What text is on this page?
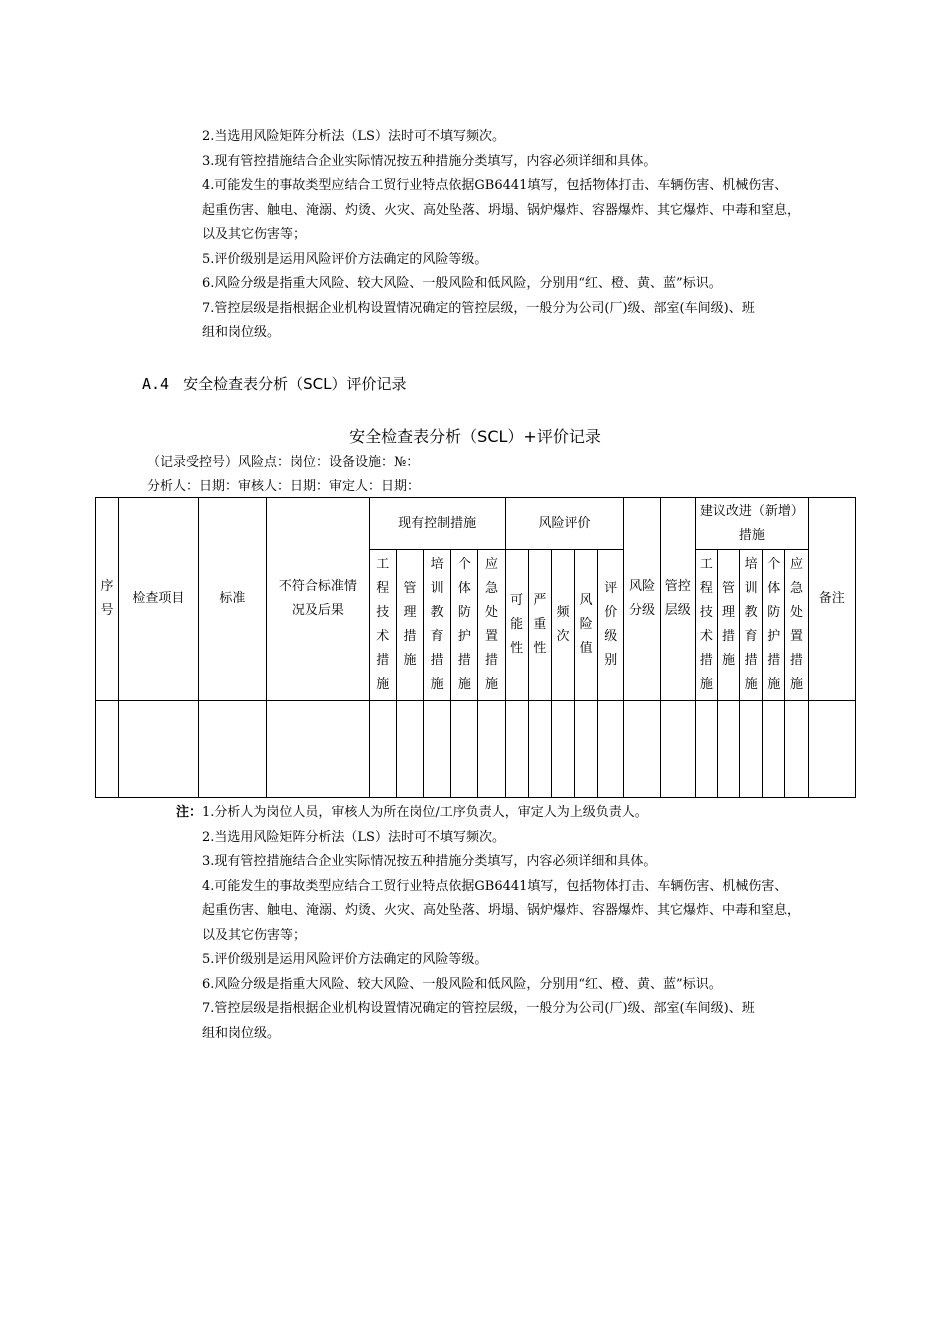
2.当选用风险矩阵分析法（LS）法时可不填写频次。

3.现有管控措施结合企业实际情况按五种措施分类填写，内容必须详细和具体。

4.可能发生的事故类型应结合工贸行业特点依据GB6441填写，包括物体打击、车辆伤害、机械伤害、

起重伤害、触电、淹溺、灼烫、火灾、高处坠落、坍塌、锅炉爆炸、容器爆炸、其它爆炸、中毒和窒息，

以及其它伤害等；

5.评价级别是运用风险评价方法确定的风险等级。

6.风险分级是指重大风险、较大风险、一般风险和低风险，分别用“红、橙、黄、蓝”标识。

7.管控层级是指根据企业机构设置情况确定的管控层级，一般分为公司(厂)级、部室(车间级)、班

组和岗位级。

A.4 安全检查表分析（SCL）评价记录
安全检查表分析（SCL）+评价记录
（记录受控号）风险点：岗位：设备设施：№：
分析人：日期：审核人：日期：审定人：日期：
序号	检查项目	标准	不符合标准情况及后果	现有控制措施					风险评价					风险分级	管控层级	建议改进（新增）措施					备注
				工程技术措施	管理措施	培训教育措施	个体防护措施	应急处置措施	可能性	严重性	频次	风险值	评价级别			工程技术措施	管理措施	培训教育措施	个体防护措施	应急处置措施	

注： 1.分析人为岗位人员，审核人为所在岗位/工序负责人，审定人为上级负责人。

2.当选用风险矩阵分析法（LS）法时可不填写频次。

3.现有管控措施结合企业实际情况按五种措施分类填写，内容必须详细和具体。

4.可能发生的事故类型应结合工贸行业特点依据GB6441填写，包括物体打击、车辆伤害、机械伤害、

起重伤害、触电、淹溺、灼烫、火灾、高处坠落、坍塌、锅炉爆炸、容器爆炸、其它爆炸、中毒和窒息，

以及其它伤害等；

5.评价级别是运用风险评价方法确定的风险等级。

6.风险分级是指重大风险、较大风险、一般风险和低风险，分别用“红、橙、黄、蓝”标识。

7.管控层级是指根据企业机构设置情况确定的管控层级，一般分为公司(厂)级、部室(车间级)、班

组和岗位级。
